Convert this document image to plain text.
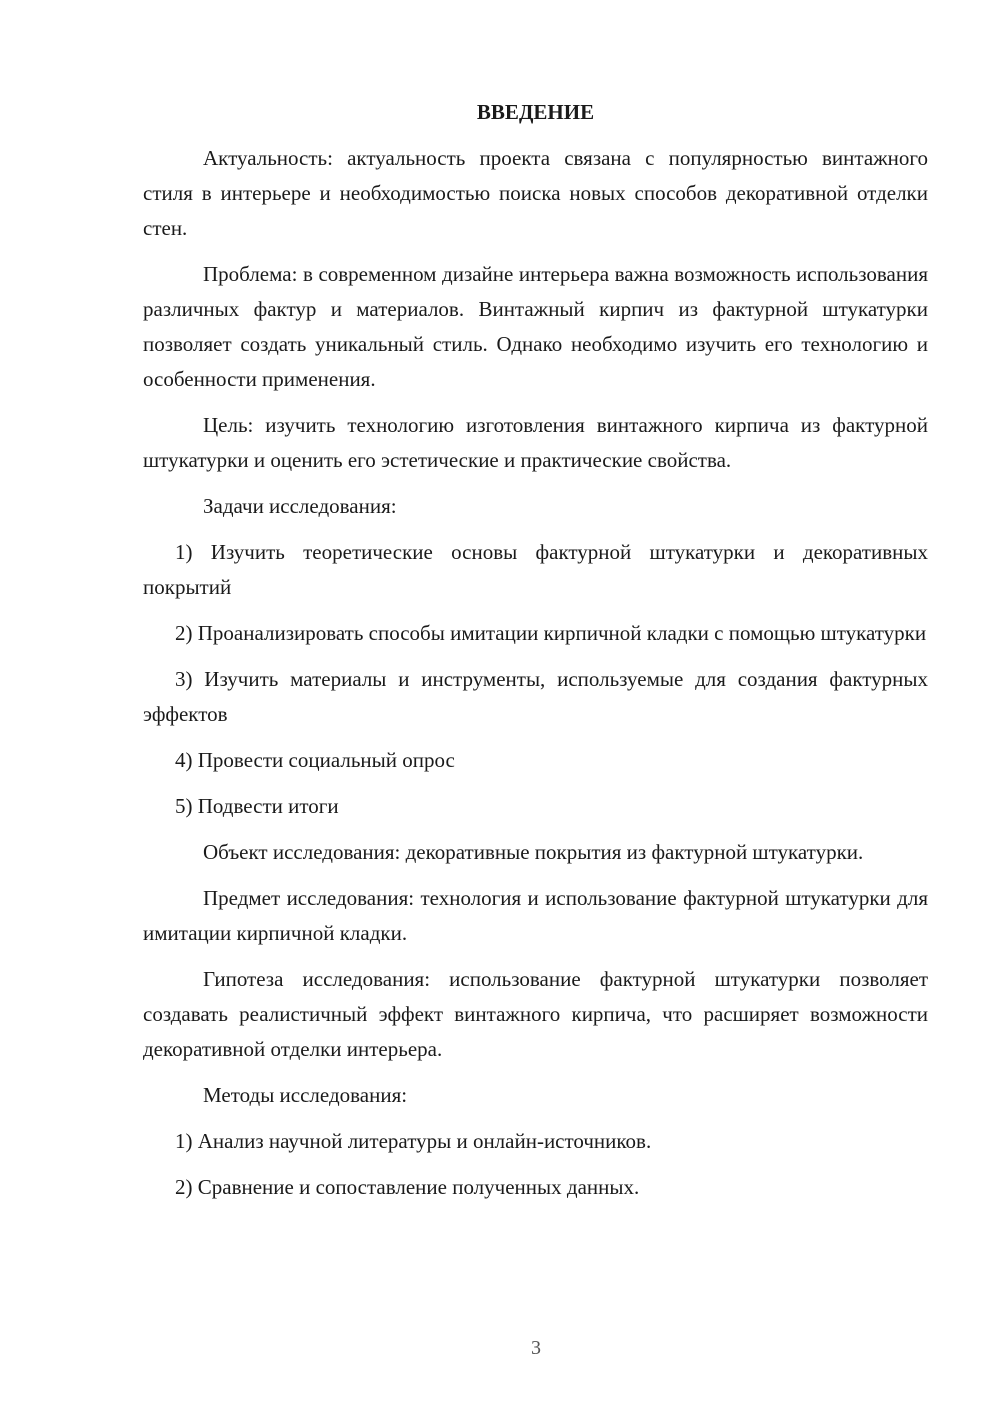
ВВЕДЕНИЕ
Актуальность: актуальность проекта связана с популярностью винтажного стиля в интерьере и необходимостью поиска новых способов декоративной отделки стен.
Проблема: в современном дизайне интерьера важна возможность использования различных фактур и материалов. Винтажный кирпич из фактурной штукатурки позволяет создать уникальный стиль. Однако необходимо изучить его технологию и особенности применения.
Цель: изучить технологию изготовления винтажного кирпича из фактурной штукатурки и оценить его эстетические и практические свойства.
Задачи исследования:
1) Изучить теоретические основы фактурной штукатурки и декоративных покрытий
2) Проанализировать способы имитации кирпичной кладки с помощью штукатурки
3) Изучить материалы и инструменты, используемые для создания фактурных эффектов
4) Провести социальный опрос
5) Подвести итоги
Объект исследования: декоративные покрытия из фактурной штукатурки.
Предмет исследования: технология и использование фактурной штукатурки для имитации кирпичной кладки.
Гипотеза исследования: использование фактурной штукатурки позволяет создавать реалистичный эффект винтажного кирпича, что расширяет возможности декоративной отделки интерьера.
Методы исследования:
1) Анализ научной литературы и онлайн-источников.
2) Сравнение и сопоставление полученных данных.
3
